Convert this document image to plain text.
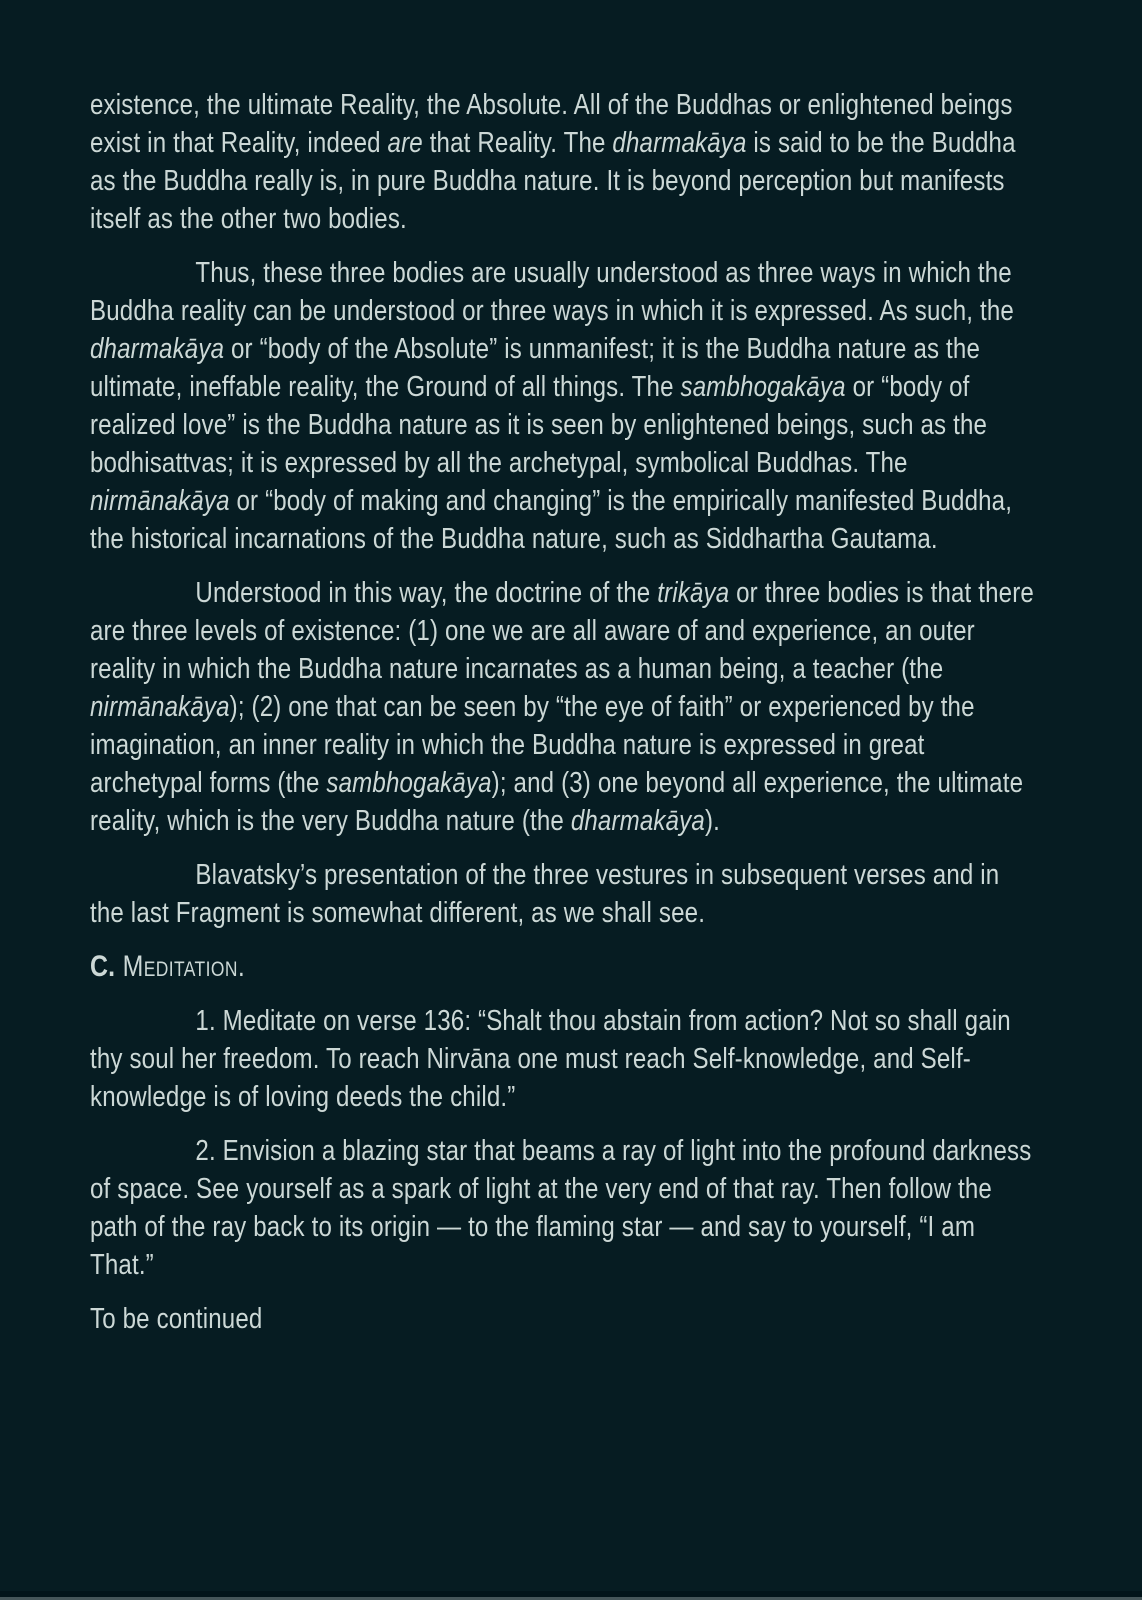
existence, the ultimate Reality, the Absolute. All of the Buddhas or enlightened beings exist in that Reality, indeed are that Reality. The dharmakāya is said to be the Buddha as the Buddha really is, in pure Buddha nature. It is beyond perception but manifests itself as the other two bodies.

Thus, these three bodies are usually understood as three ways in which the Buddha reality can be understood or three ways in which it is expressed. As such, the dharmakāya or “body of the Absolute” is unmanifest; it is the Buddha nature as the ultimate, ineffable reality, the Ground of all things. The sambhogakāya or “body of realized love” is the Buddha nature as it is seen by enlightened beings, such as the bodhisattvas; it is expressed by all the archetypal, symbolical Buddhas. The nirmānakāya or “body of making and changing” is the empirically manifested Buddha, the historical incarnations of the Buddha nature, such as Siddhartha Gautama.

Understood in this way, the doctrine of the trikāya or three bodies is that there are three levels of existence: (1) one we are all aware of and experience, an outer reality in which the Buddha nature incarnates as a human being, a teacher (the nirmānakāya); (2) one that can be seen by “the eye of faith” or experienced by the imagination, an inner reality in which the Buddha nature is expressed in great archetypal forms (the sambhogakāya); and (3) one beyond all experience, the ultimate reality, which is the very Buddha nature (the dharmakāya).

Blavatsky’s presentation of the three vestures in subsequent verses and in the last Fragment is somewhat different, as we shall see.

C. Meditation.

1. Meditate on verse 136: “Shalt thou abstain from action? Not so shall gain thy soul her freedom. To reach Nirvāna one must reach Self-knowledge, and Self-knowledge is of loving deeds the child.”

2. Envision a blazing star that beams a ray of light into the profound darkness of space. See yourself as a spark of light at the very end of that ray. Then follow the path of the ray back to its origin — to the flaming star — and say to yourself, “I am That.”

To be continued
